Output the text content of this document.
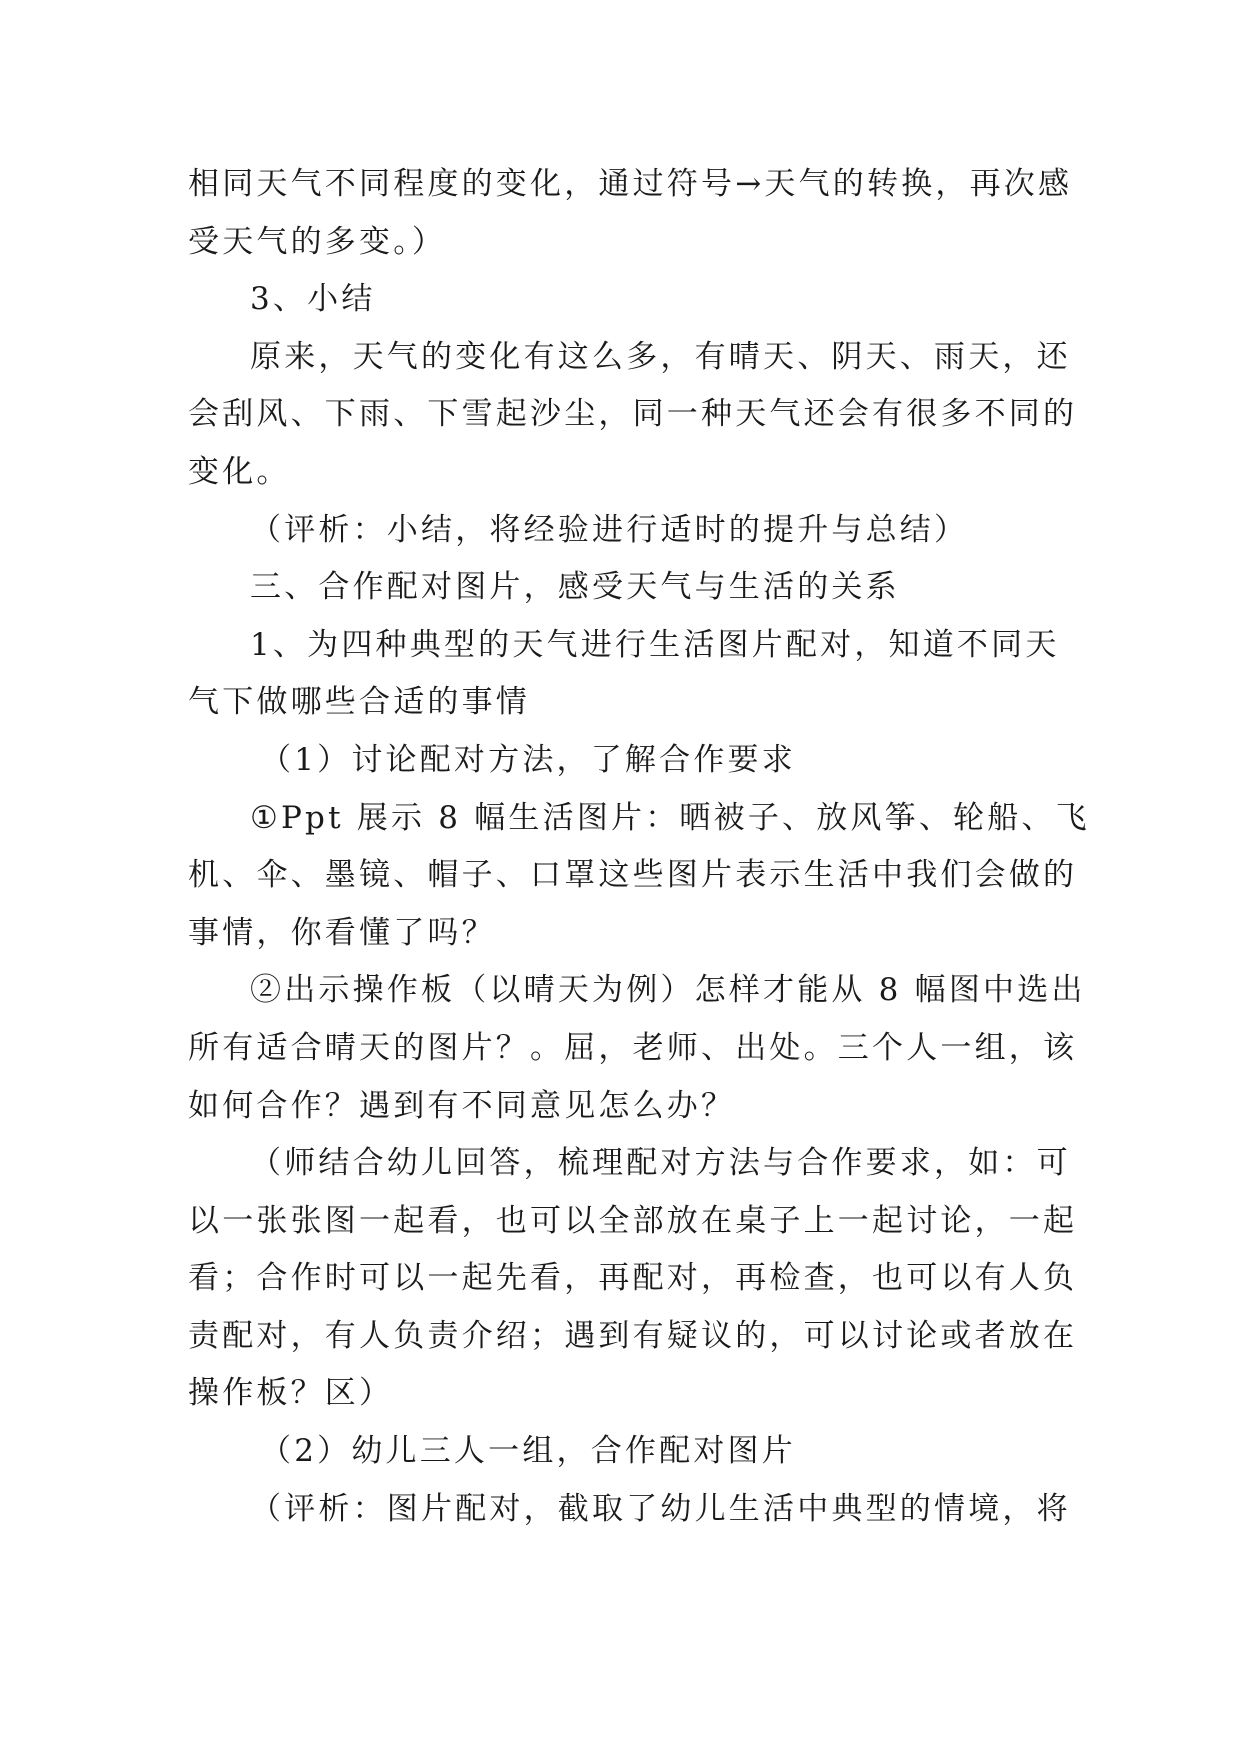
相同天气不同程度的变化，通过符号→天气的转换，再次感

受天气的多变。）

3、小结

原来，天气的变化有这么多，有晴天、阴天、雨天，还

会刮风、下雨、下雪起沙尘，同一种天气还会有很多不同的

变化。

（评析：小结，将经验进行适时的提升与总结）

三、合作配对图片，感受天气与生活的关系

1、为四种典型的天气进行生活图片配对，知道不同天

气下做哪些合适的事情

（1）讨论配对方法，了解合作要求

①Ppt 展示 8 幅生活图片：晒被子、放风筝、轮船、飞

机、伞、墨镜、帽子、口罩这些图片表示生活中我们会做的

事情，你看懂了吗？

②出示操作板（以晴天为例）怎样才能从 8 幅图中选出

所有适合晴天的图片？。屈，老师、出处。三个人一组，该

如何合作？遇到有不同意见怎么办？

（师结合幼儿回答，梳理配对方法与合作要求，如：可

以一张张图一起看，也可以全部放在桌子上一起讨论，一起

看；合作时可以一起先看，再配对，再检查，也可以有人负

责配对，有人负责介绍；遇到有疑议的，可以讨论或者放在

操作板？区）

（2）幼儿三人一组，合作配对图片

（评析：图片配对，截取了幼儿生活中典型的情境，将
